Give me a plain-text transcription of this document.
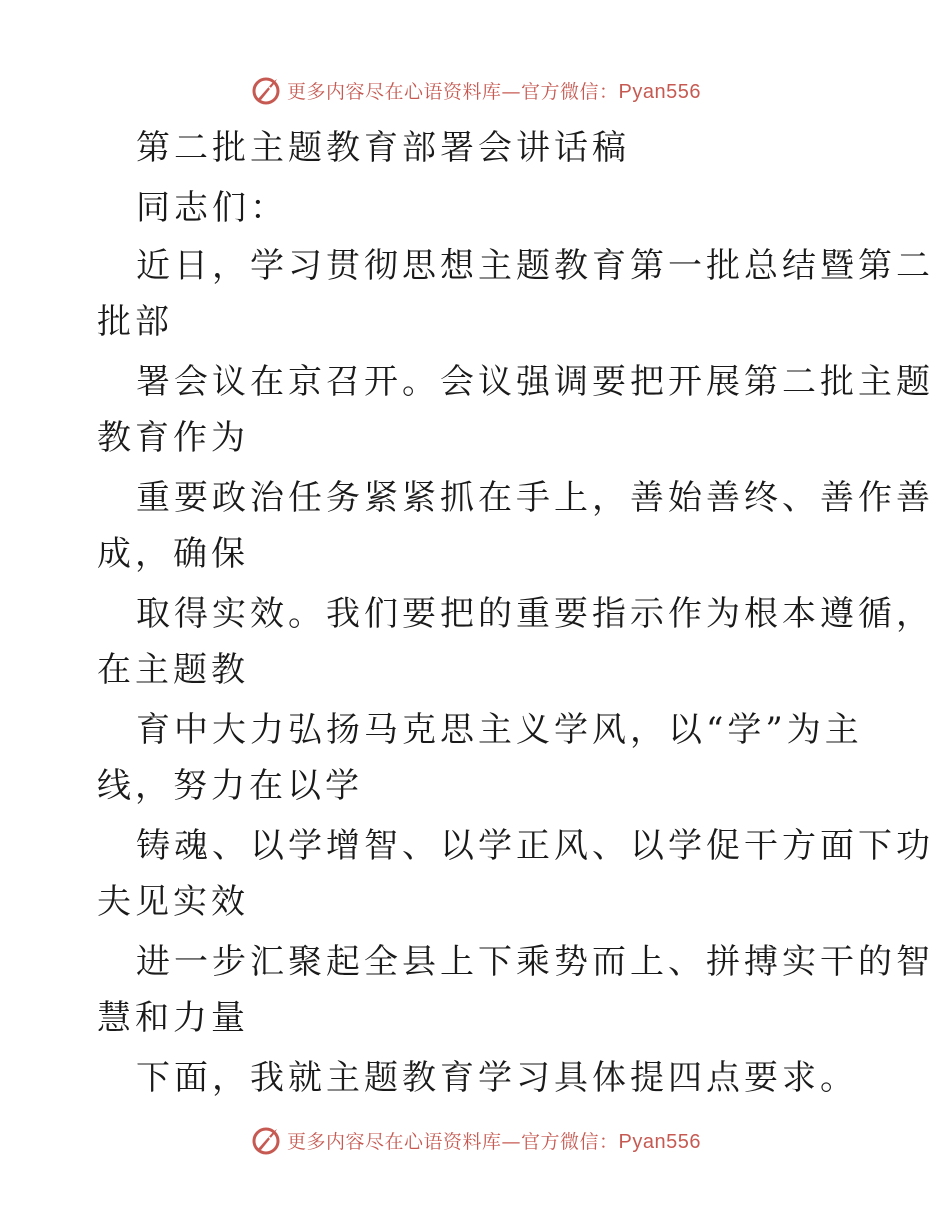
更多内容尽在心语资料库—官方微信：Pyan556
第二批主题教育部署会讲话稿
同志们：
近日，学习贯彻思想主题教育第一批总结暨第二
批部
署会议在京召开。会议强调要把开展第二批主题
教育作为
重要政治任务紧紧抓在手上，善始善终、善作善
成，确保
取得实效。我们要把的重要指示作为根本遵循，
在主题教
育中大力弘扬马克思主义学风，以“学”为主
线，努力在以学
铸魂、以学增智、以学正风、以学促干方面下功
夫见实效
进一步汇聚起全县上下乘势而上、拼搏实干的智
慧和力量
下面，我就主题教育学习具体提四点要求。
更多内容尽在心语资料库—官方微信：Pyan556
